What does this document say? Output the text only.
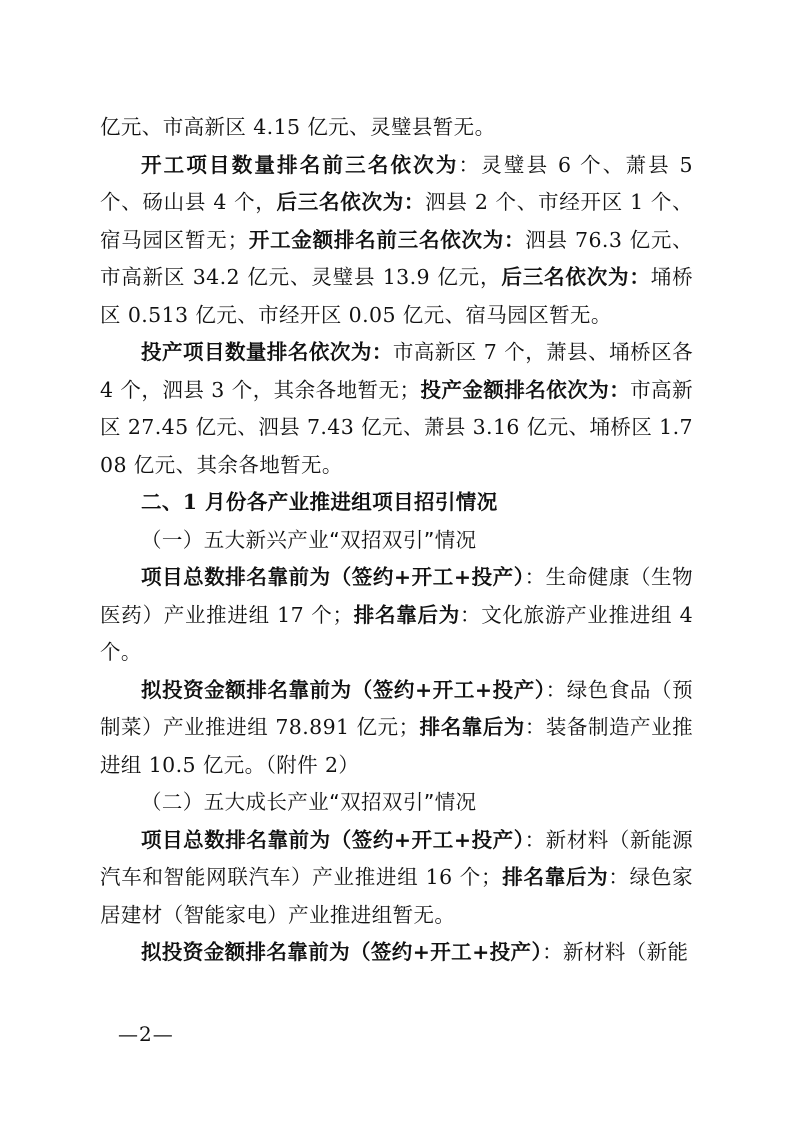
亿元、市高新区 4.15 亿元、灵璧县暂无。

开工项目数量排名前三名依次为：灵璧县 6 个、萧县 5 个、砀山县 4 个，后三名依次为：泗县 2 个、市经开区 1 个、宿马园区暂无；开工金额排名前三名依次为：泗县 76.3 亿元、市高新区 34.2 亿元、灵璧县 13.9 亿元，后三名依次为：埇桥区 0.513 亿元、市经开区 0.05 亿元、宿马园区暂无。

投产项目数量排名依次为：市高新区 7 个，萧县、埇桥区各 4 个，泗县 3 个，其余各地暂无；投产金额排名依次为：市高新区 27.45 亿元、泗县 7.43 亿元、萧县 3.16 亿元、埇桥区 1.708 亿元、其余各地暂无。

二、1 月份各产业推进组项目招引情况

（一）五大新兴产业“双招双引”情况

项目总数排名靠前为（签约+开工+投产）：生命健康（生物医药）产业推进组 17 个；排名靠后为：文化旅游产业推进组 4 个。

拟投资金额排名靠前为（签约+开工+投产）：绿色食品（预制菜）产业推进组 78.891 亿元；排名靠后为：装备制造产业推进组 10.5 亿元。（附件 2）

（二）五大成长产业“双招双引”情况

项目总数排名靠前为（签约+开工+投产）：新材料（新能源汽车和智能网联汽车）产业推进组 16 个；排名靠后为：绿色家居建材（智能家电）产业推进组暂无。

拟投资金额排名靠前为（签约+开工+投产）：新材料（新能

—2—
